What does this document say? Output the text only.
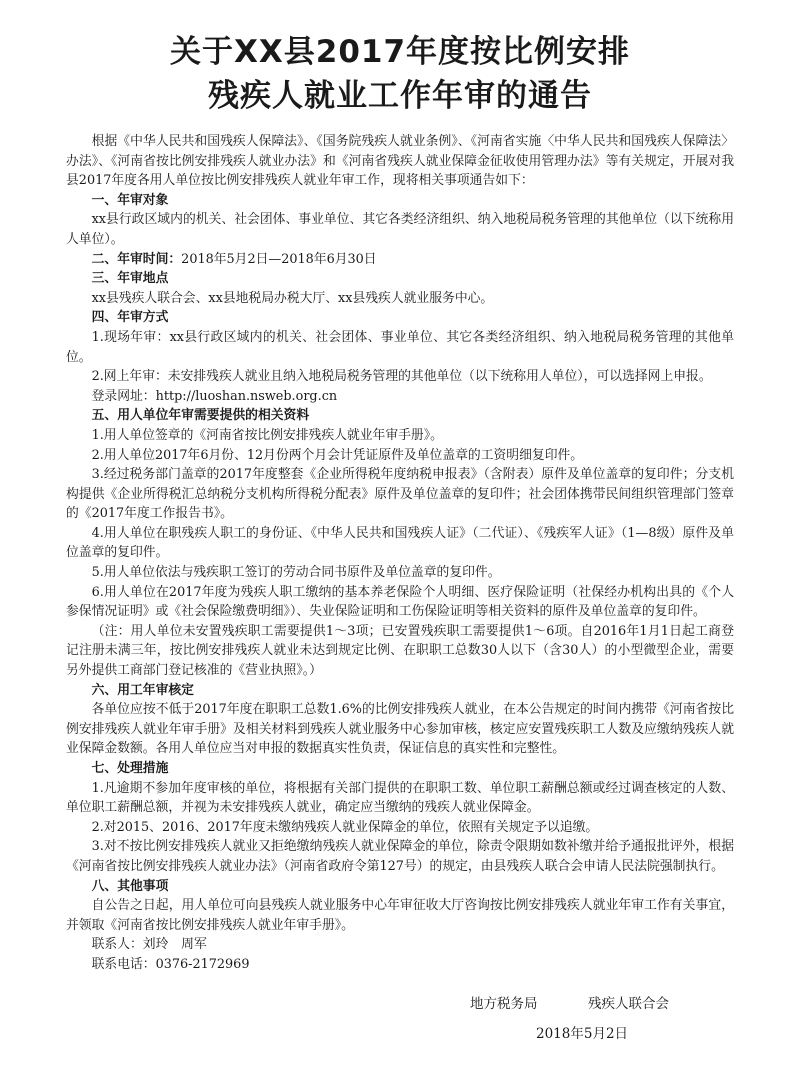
关于XX县2017年度按比例安排
残疾人就业工作年审的通告

根据《中华人民共和国残疾人保障法》、《国务院残疾人就业条例》、《河南省实施〈中华人民共和国残疾人保障法〉办法》、《河南省按比例安排残疾人就业办法》和《河南省残疾人就业保障金征收使用管理办法》等有关规定，开展对我县2017年度各用人单位按比例安排残疾人就业年审工作，现将相关事项通告如下：

一、年审对象

xx县行政区域内的机关、社会团体、事业单位、其它各类经济组织、纳入地税局税务管理的其他单位（以下统称用人单位）。

二、年审时间：2018年5月2日—2018年6月30日

三、年审地点

xx县残疾人联合会、xx县地税局办税大厅、xx县残疾人就业服务中心。

四、年审方式

1.现场年审：xx县行政区域内的机关、社会团体、事业单位、其它各类经济组织、纳入地税局税务管理的其他单位。

2.网上年审：未安排残疾人就业且纳入地税局税务管理的其他单位（以下统称用人单位），可以选择网上申报。

登录网址：http://luoshan.nsweb.org.cn

五、用人单位年审需要提供的相关资料

1.用人单位签章的《河南省按比例安排残疾人就业年审手册》。

2.用人单位2017年6月份、12月份两个月会计凭证原件及单位盖章的工资明细复印件。

3.经过税务部门盖章的2017年度整套《企业所得税年度纳税申报表》（含附表）原件及单位盖章的复印件；分支机构提供《企业所得税汇总纳税分支机构所得税分配表》原件及单位盖章的复印件；社会团体携带民间组织管理部门签章的《2017年度工作报告书》。

4.用人单位在职残疾人职工的身份证、《中华人民共和国残疾人证》（二代证）、《残疾军人证》（1—8级）原件及单位盖章的复印件。

5.用人单位依法与残疾职工签订的劳动合同书原件及单位盖章的复印件。

6.用人单位在2017年度为残疾人职工缴纳的基本养老保险个人明细、医疗保险证明（社保经办机构出具的《个人参保情况证明》或《社会保险缴费明细》）、失业保险证明和工伤保险证明等相关资料的原件及单位盖章的复印件。

（注：用人单位未安置残疾职工需要提供1～3项；已安置残疾职工需要提供1～6项。自2016年1月1日起工商登记注册未满三年，按比例安排残疾人就业未达到规定比例、在职职工总数30人以下（含30人）的小型微型企业，需要另外提供工商部门登记核准的《营业执照》。）

六、用工年审核定

各单位应按不低于2017年度在职职工总数1.6%的比例安排残疾人就业，在本公告规定的时间内携带《河南省按比例安排残疾人就业年审手册》及相关材料到残疾人就业服务中心参加审核，核定应安置残疾职工人数及应缴纳残疾人就业保障金数额。各用人单位应当对申报的数据真实性负责，保证信息的真实性和完整性。

七、处理措施

1.凡逾期不参加年度审核的单位，将根据有关部门提供的在职职工数、单位职工薪酬总额或经过调查核定的人数、单位职工薪酬总额，并视为未安排残疾人就业，确定应当缴纳的残疾人就业保障金。

2.对2015、2016、2017年度未缴纳残疾人就业保障金的单位，依照有关规定予以追缴。

3.对不按比例安排残疾人就业又拒绝缴纳残疾人就业保障金的单位，除责令限期如数补缴并给予通报批评外，根据《河南省按比例安排残疾人就业办法》（河南省政府令第127号）的规定，由县残疾人联合会申请人民法院强制执行。

八、其他事项

自公告之日起，用人单位可向县残疾人就业服务中心年审征收大厅咨询按比例安排残疾人就业年审工作有关事宜，并领取《河南省按比例安排残疾人就业年审手册》。

联系人：刘玲　周军

联系电话：0376-2172969

地方税务局	残疾人联合会
2018年5月2日
